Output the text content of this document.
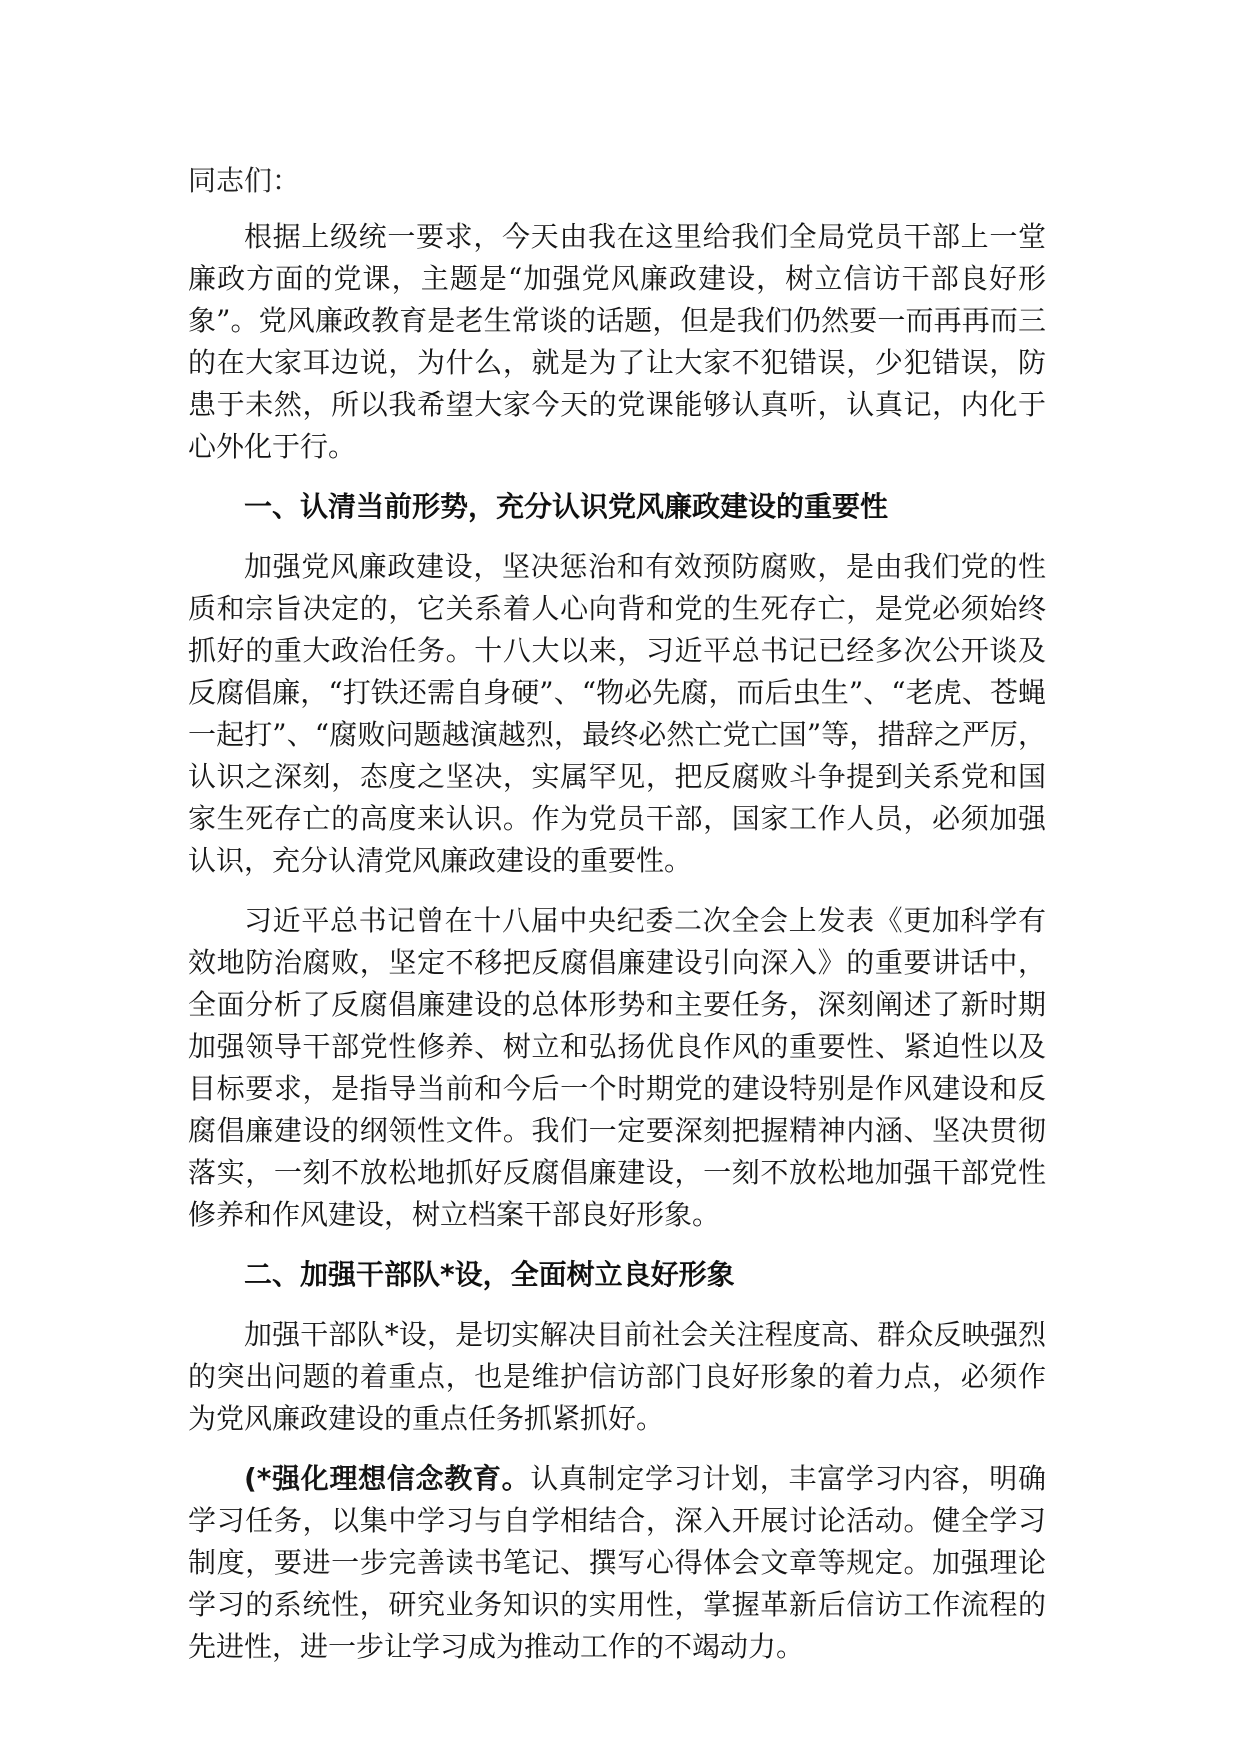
同志们：

根据上级统一要求，今天由我在这里给我们全局党员干部上一堂廉政方面的党课，主题是“加强党风廉政建设，树立信访干部良好形象”。党风廉政教育是老生常谈的话题，但是我们仍然要一而再再而三的在大家耳边说，为什么，就是为了让大家不犯错误，少犯错误，防患于未然，所以我希望大家今天的党课能够认真听，认真记，内化于心外化于行。

一、认清当前形势，充分认识党风廉政建设的重要性

加强党风廉政建设，坚决惩治和有效预防腐败，是由我们党的性质和宗旨决定的，它关系着人心向背和党的生死存亡，是党必须始终抓好的重大政治任务。十八大以来，习近平总书记已经多次公开谈及反腐倡廉，“打铁还需自身硬”、“物必先腐，而后虫生”、“老虎、苍蝇一起打”、“腐败问题越演越烈，最终必然亡党亡国”等，措辞之严厉，认识之深刻，态度之坚决，实属罕见，把反腐败斗争提到关系党和国家生死存亡的高度来认识。作为党员干部，国家工作人员，必须加强认识，充分认清党风廉政建设的重要性。

习近平总书记曾在十八届中央纪委二次全会上发表《更加科学有效地防治腐败，坚定不移把反腐倡廉建设引向深入》的重要讲话中，全面分析了反腐倡廉建设的总体形势和主要任务，深刻阐述了新时期加强领导干部党性修养、树立和弘扬优良作风的重要性、紧迫性以及目标要求，是指导当前和今后一个时期党的建设特别是作风建设和反腐倡廉建设的纲领性文件。我们一定要深刻把握精神内涵、坚决贯彻落实，一刻不放松地抓好反腐倡廉建设，一刻不放松地加强干部党性修养和作风建设，树立档案干部良好形象。

二、加强干部队*设，全面树立良好形象

加强干部队*设，是切实解决目前社会关注程度高、群众反映强烈的突出问题的着重点，也是维护信访部门良好形象的着力点，必须作为党风廉政建设的重点任务抓紧抓好。

(*强化理想信念教育。认真制定学习计划，丰富学习内容，明确学习任务，以集中学习与自学相结合，深入开展讨论活动。健全学习制度，要进一步完善读书笔记、撰写心得体会文章等规定。加强理论学习的系统性，研究业务知识的实用性，掌握革新后信访工作流程的先进性，进一步让学习成为推动工作的不竭动力。
